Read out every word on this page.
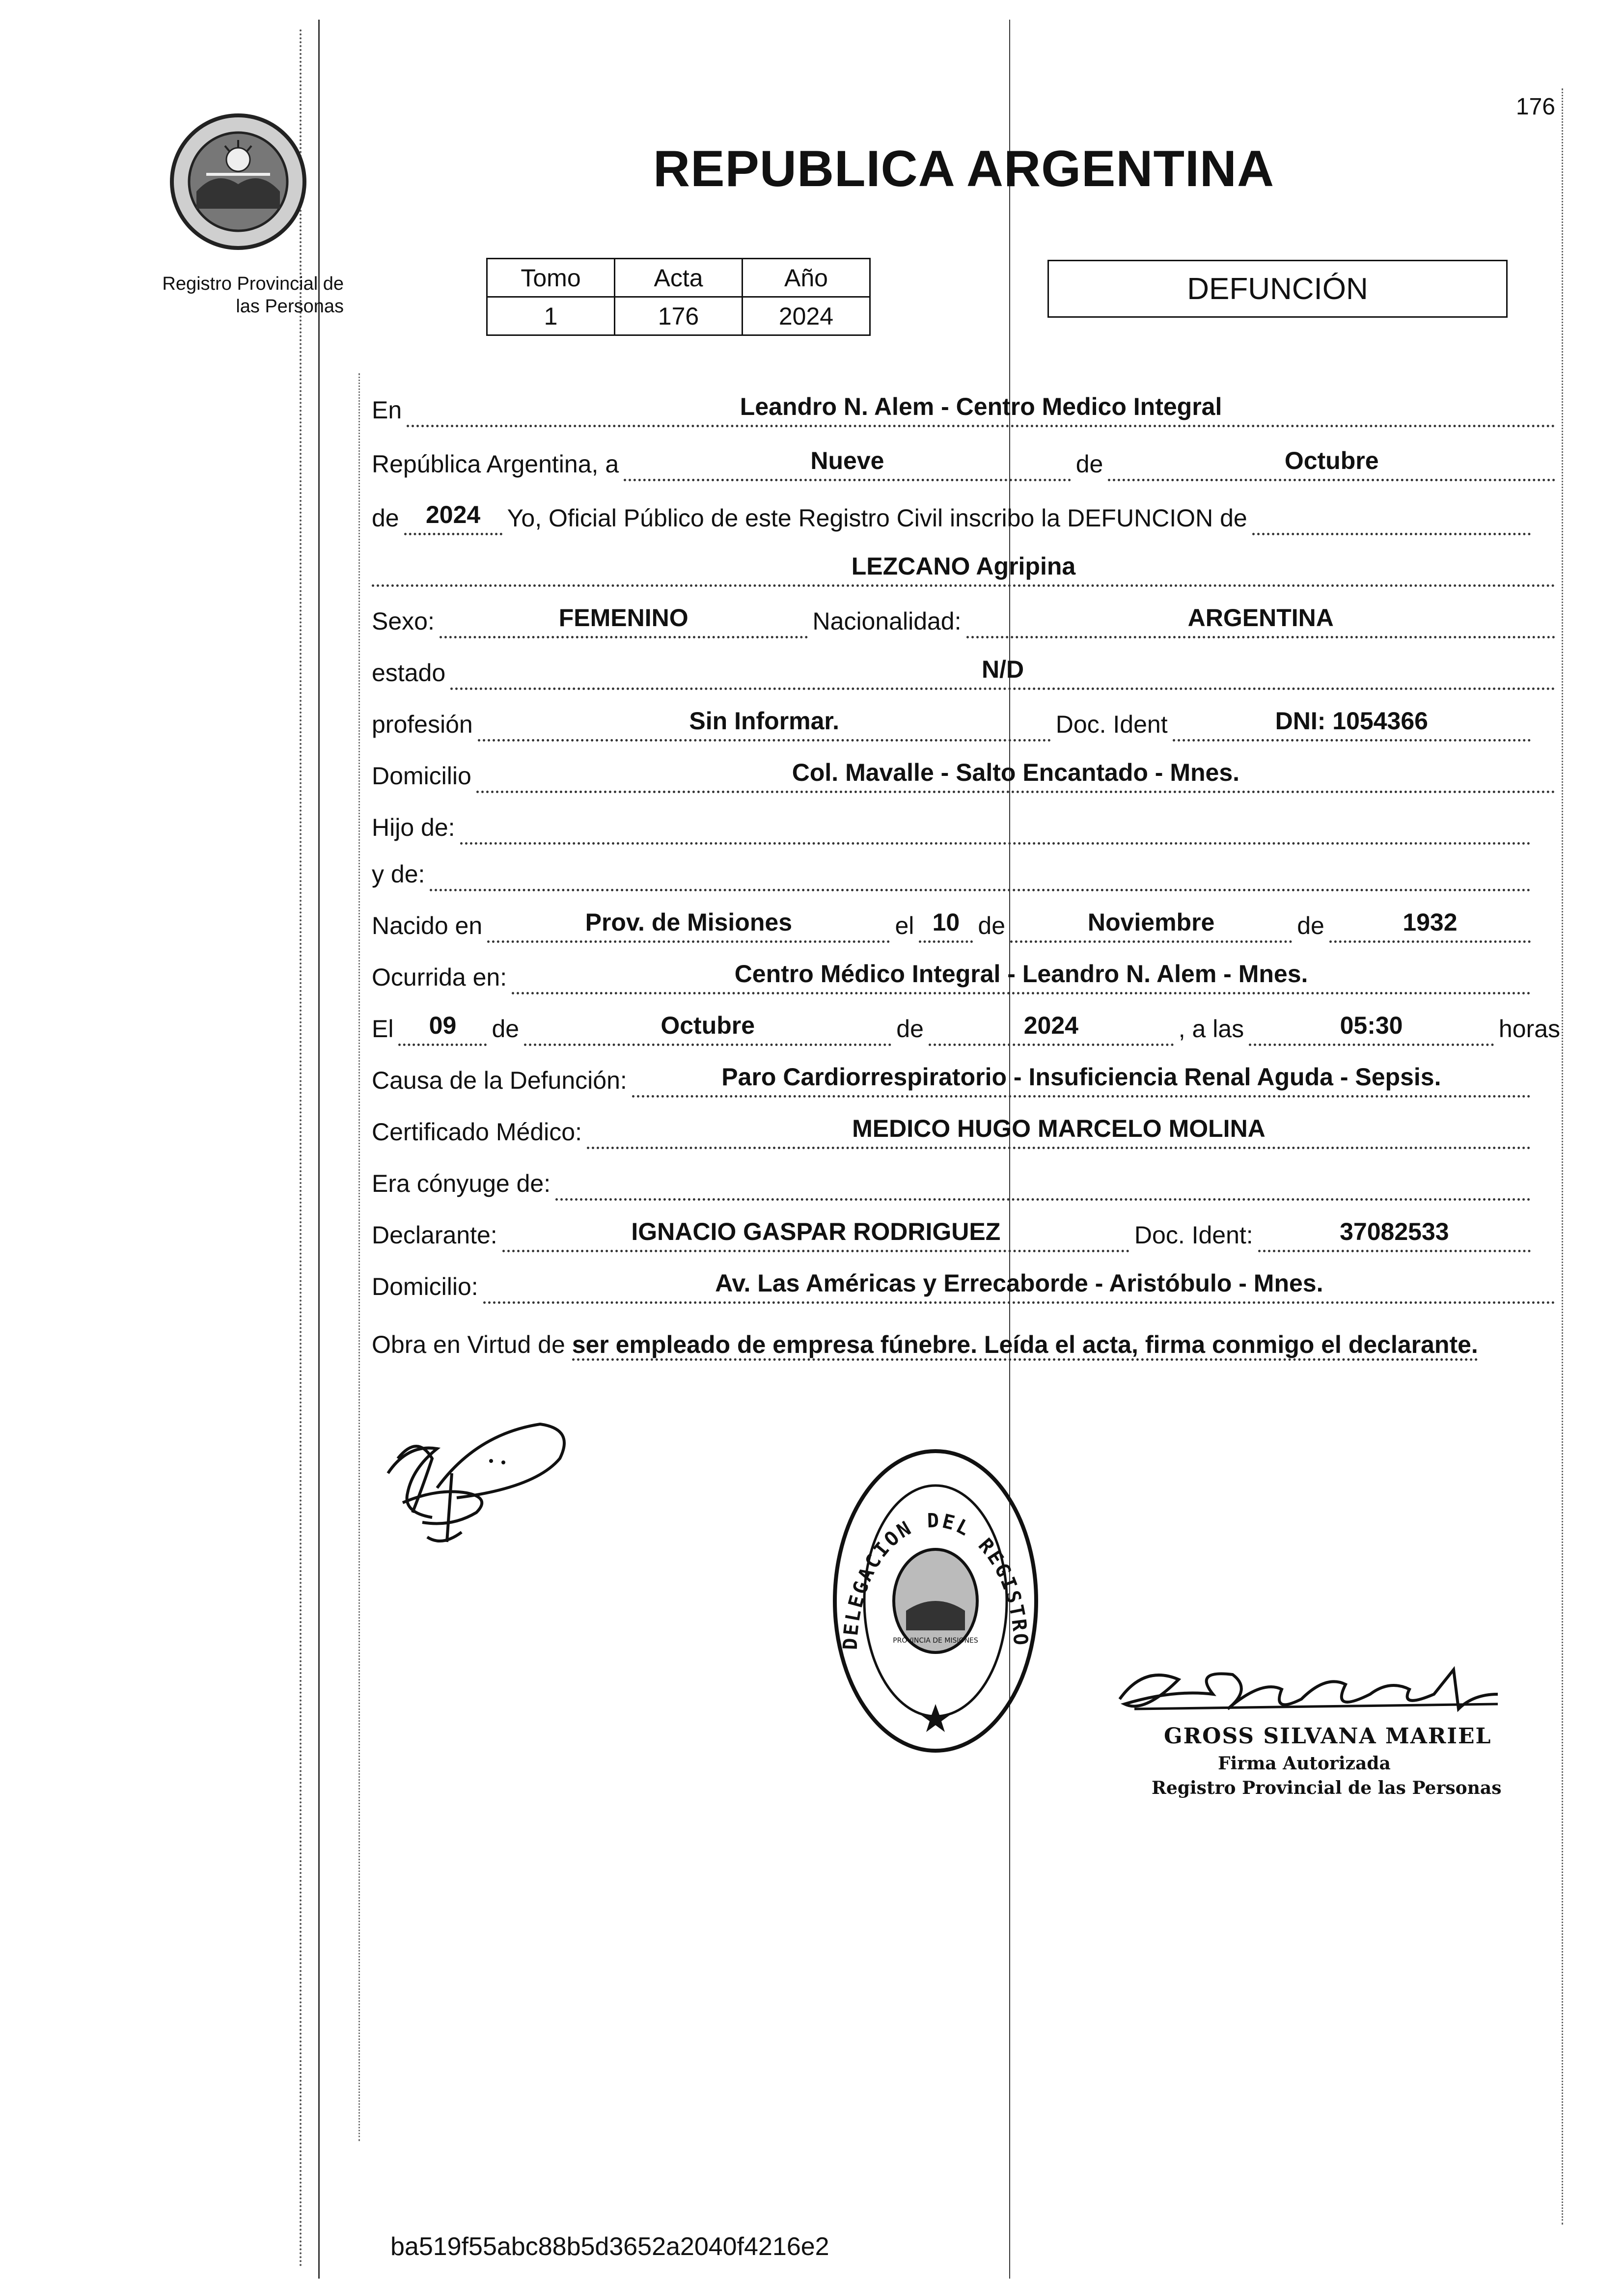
176
Registro Provincial de
las Personas
REPUBLICA ARGENTINA
Tomo	Acta	Año
1	176	2024
DEFUNCIÓN
En	Leandro N. Alem - Centro Medico Integral
República Argentina, a	Nueve	de	Octubre
de	2024	Yo, Oficial Público de este Registro Civil inscribo la DEFUNCION de
LEZCANO Agripina
Sexo:	FEMENINO	Nacionalidad:	ARGENTINA
estado	N/D
profesión	Sin Informar.	Doc. Ident	DNI: 1054366
Domicilio	Col. Mavalle - Salto Encantado - Mnes.
Hijo de:
y de:
Nacido en	Prov. de Misiones	el 10 de	Noviembre	de	1932
Ocurrida en:	Centro Médico Integral - Leandro N. Alem - Mnes.
El	09	de	Octubre	de	2024	, a las	05:30	horas
Causa de la Defunción:	Paro Cardiorrespiratorio - Insuficiencia Renal Aguda - Sepsis.
Certificado Médico:	MEDICO HUGO MARCELO MOLINA
Era cónyuge de:
Declarante:	IGNACIO GASPAR RODRIGUEZ	Doc. Ident:	37082533
Domicilio:	Av. Las Américas y Errecaborde - Aristóbulo - Mnes.
Obra en Virtud de ser empleado de empresa fúnebre. Leída el acta, firma conmigo el declarante.
DELEGACION DEL REGISTRO
PROVINCIA DE MISIONES
GROSS SILVANA MARIEL
Firma Autorizada
Registro Provincial de las Personas
ba519f55abc88b5d3652a2040f4216e2
